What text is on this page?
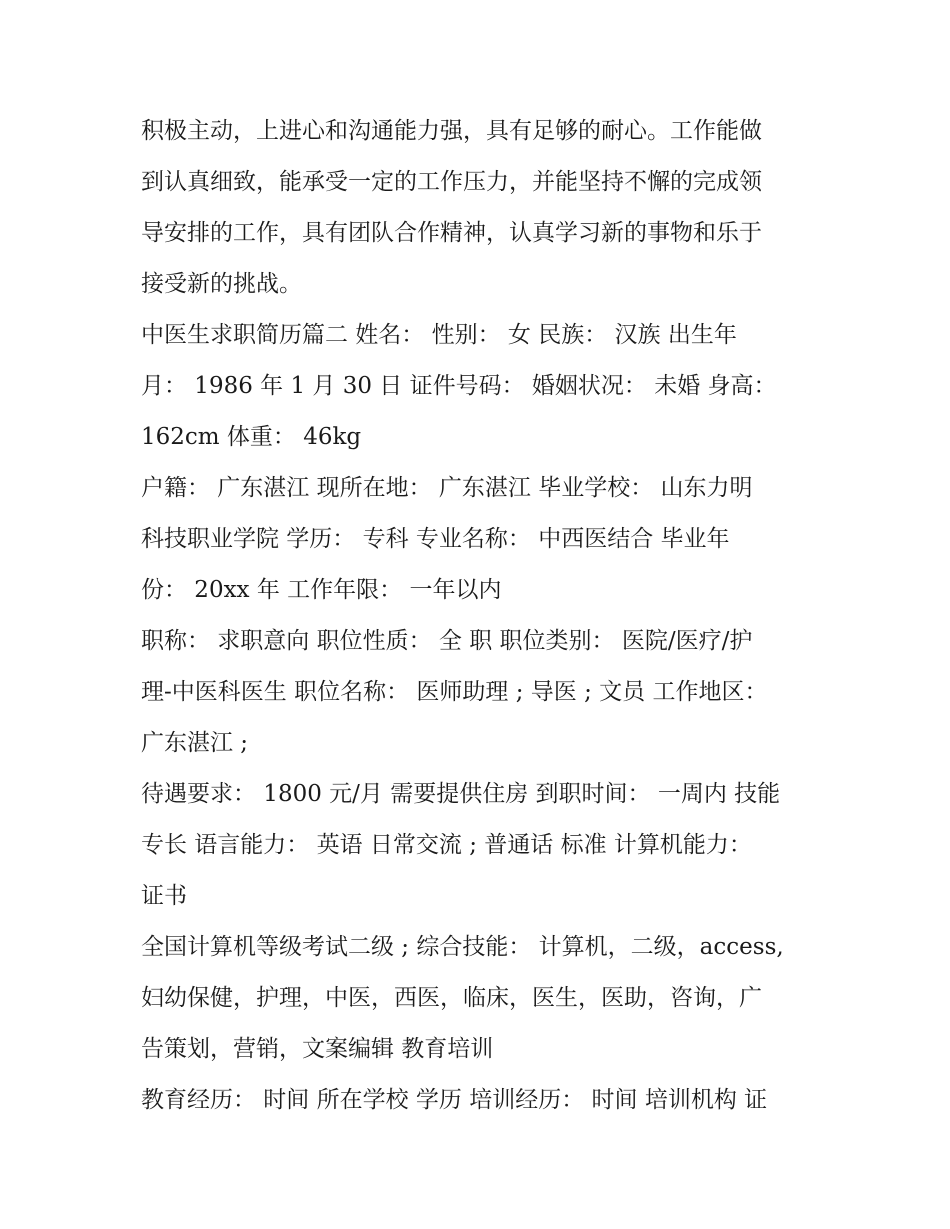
积极主动，上进心和沟通能力强，具有足够的耐心。工作能做
到认真细致，能承受一定的工作压力，并能坚持不懈的完成领
导安排的工作，具有团队合作精神，认真学习新的事物和乐于
接受新的挑战。
中医生求职简历篇二 姓名： 性别： 女 民族： 汉族 出生年
月： 1986 年 1 月 30 日 证件号码： 婚姻状况： 未婚 身高：
162cm 体重： 46kg
户籍： 广东湛江 现所在地： 广东湛江 毕业学校： 山东力明
科技职业学院 学历： 专科 专业名称： 中西医结合 毕业年
份： 20xx 年 工作年限： 一年以内
职称： 求职意向 职位性质： 全 职 职位类别： 医院/医疗/护
理-中医科医生 职位名称： 医师助理 ; 导医 ; 文员 工作地区：
广东湛江 ;
待遇要求： 1800 元/月 需要提供住房 到职时间： 一周内 技能
专长 语言能力： 英语 日常交流 ; 普通话 标准 计算机能力：
证书
全国计算机等级考试二级 ; 综合技能： 计算机，二级，access,
妇幼保健，护理，中医，西医，临床，医生，医助，咨询，广
告策划，营销，文案编辑 教育培训
教育经历： 时间 所在学校 学历 培训经历： 时间 培训机构 证
